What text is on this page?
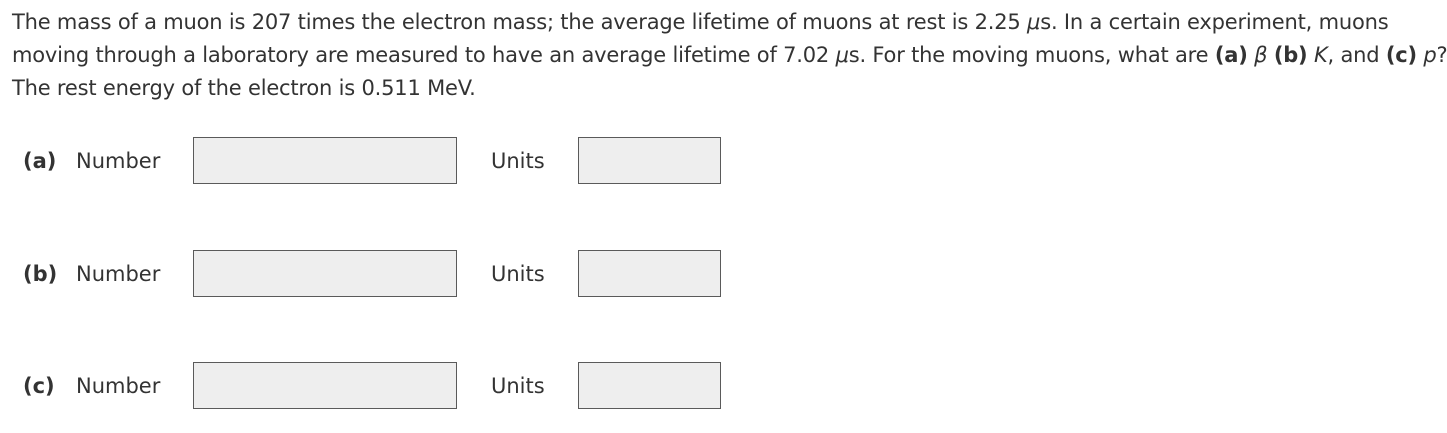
The mass of a muon is 207 times the electron mass; the average lifetime of muons at rest is 2.25 μs. In a certain experiment, muons
moving through a laboratory are measured to have an average lifetime of 7.02 μs. For the moving muons, what are (a) β (b) K, and (c) p?
The rest energy of the electron is 0.511 MeV.
(a) Number	Units
(b) Number	Units
(c) Number	Units
